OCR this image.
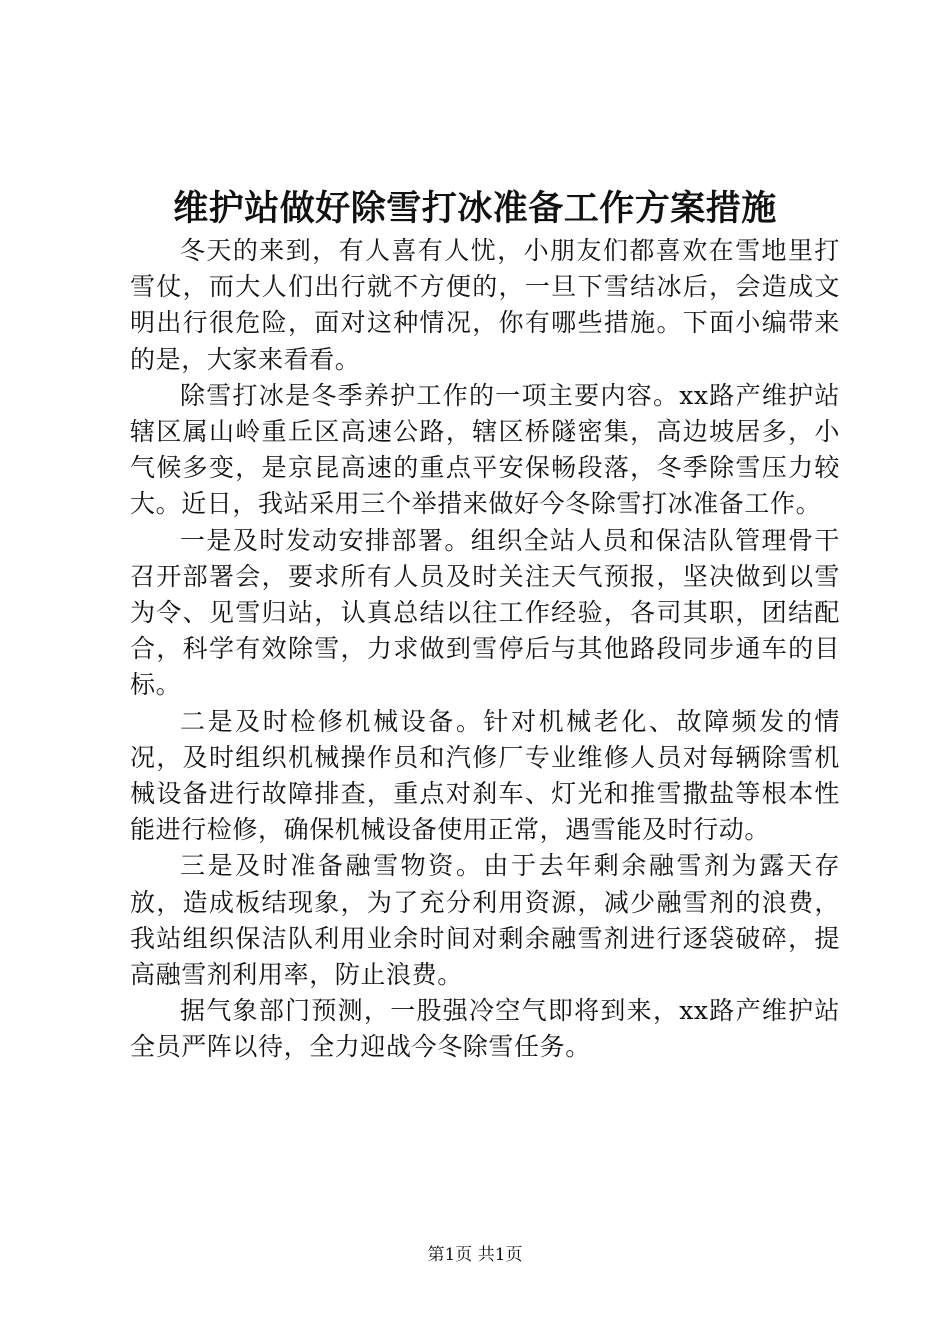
维护站做好除雪打冰准备工作方案措施

冬天的来到，有人喜有人忧，小朋友们都喜欢在雪地里打雪仗，而大人们出行就不方便的，一旦下雪结冰后，会造成文明出行很危险，面对这种情况，你有哪些措施。下面小编带来的是，大家来看看。

除雪打冰是冬季养护工作的一项主要内容。xx路产维护站辖区属山岭重丘区高速公路，辖区桥隧密集，高边坡居多，小气候多变，是京昆高速的重点平安保畅段落，冬季除雪压力较大。近日，我站采用三个举措来做好今冬除雪打冰准备工作。

一是及时发动安排部署。组织全站人员和保洁队管理骨干召开部署会，要求所有人员及时关注天气预报，坚决做到以雪为令、见雪归站，认真总结以往工作经验，各司其职，团结配合，科学有效除雪，力求做到雪停后与其他路段同步通车的目标。

二是及时检修机械设备。针对机械老化、故障频发的情况，及时组织机械操作员和汽修厂专业维修人员对每辆除雪机械设备进行故障排查，重点对刹车、灯光和推雪撒盐等根本性能进行检修，确保机械设备使用正常，遇雪能及时行动。

三是及时准备融雪物资。由于去年剩余融雪剂为露天存放，造成板结现象，为了充分利用资源，减少融雪剂的浪费，我站组织保洁队利用业余时间对剩余融雪剂进行逐袋破碎，提高融雪剂利用率，防止浪费。

据气象部门预测，一股强冷空气即将到来，xx路产维护站全员严阵以待，全力迎战今冬除雪任务。

第1页 共1页
